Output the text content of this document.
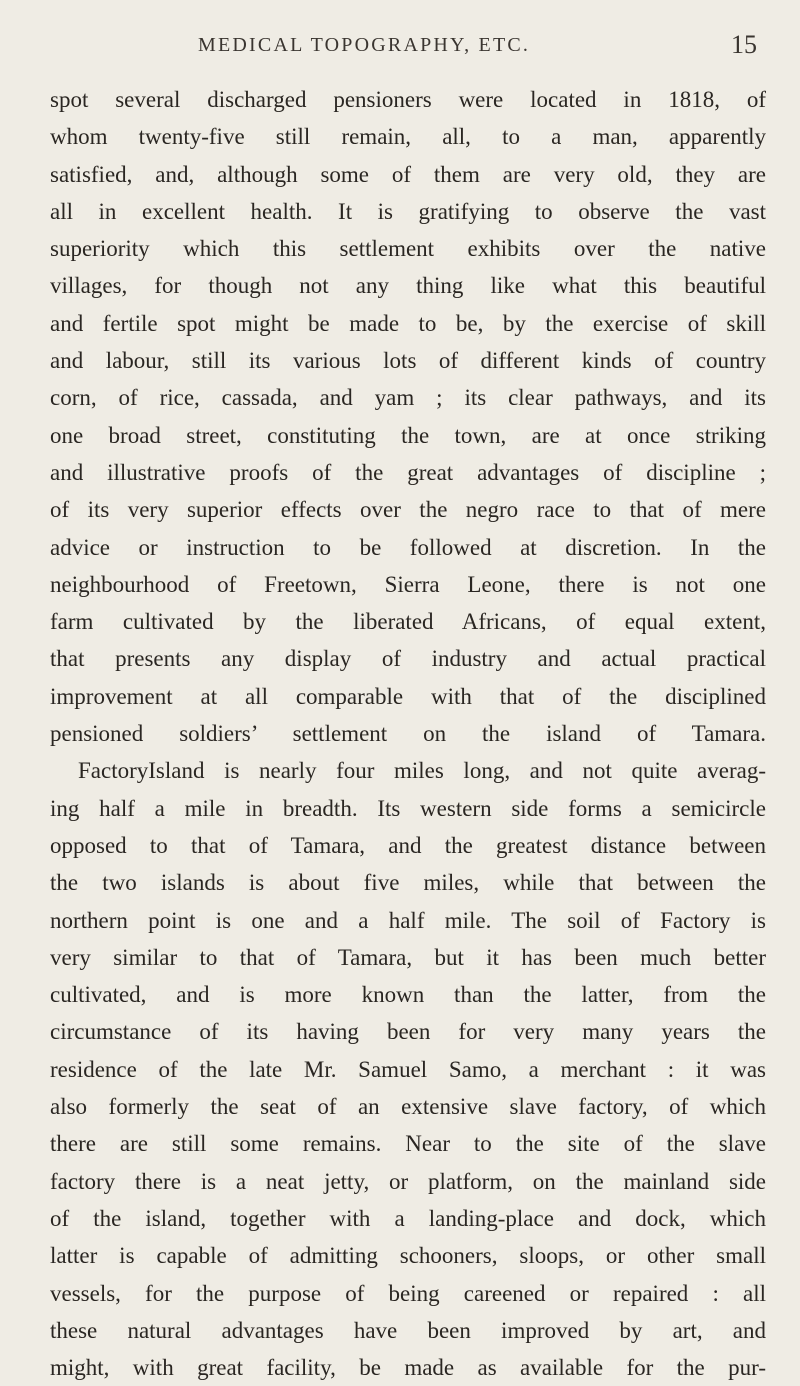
MEDICAL TOPOGRAPHY, ETC.	15
spot several discharged pensioners were located in 1818, of
whom twenty-five still remain, all, to a man, apparently
satisfied, and, although some of them are very old, they are
all in excellent health. It is gratifying to observe the vast
superiority which this settlement exhibits over the native
villages, for though not any thing like what this beautiful
and fertile spot might be made to be, by the exercise of skill
and labour, still its various lots of different kinds of country
corn, of rice, cassada, and yam ; its clear pathways, and its
one broad street, constituting the town, are at once striking
and illustrative proofs of the great advantages of discipline ;
of its very superior effects over the negro race to that of mere
advice or instruction to be followed at discretion. In the
neighbourhood of Freetown, Sierra Leone, there is not one
farm cultivated by the liberated Africans, of equal extent,
that presents any display of industry and actual practical
improvement at all comparable with that of the disciplined
pensioned soldiers’ settlement on the island of Tamara.
FactoryIsland is nearly four miles long, and not quite averag-
ing half a mile in breadth. Its western side forms a semicircle
opposed to that of Tamara, and the greatest distance between
the two islands is about five miles, while that between the
northern point is one and a half mile. The soil of Factory is
very similar to that of Tamara, but it has been much better
cultivated, and is more known than the latter, from the
circumstance of its having been for very many years the
residence of the late Mr. Samuel Samo, a merchant : it was
also formerly the seat of an extensive slave factory, of which
there are still some remains. Near to the site of the slave
factory there is a neat jetty, or platform, on the mainland side
of the island, together with a landing-place and dock, which
latter is capable of admitting schooners, sloops, or other small
vessels, for the purpose of being careened or repaired : all
these natural advantages have been improved by art, and
might, with great facility, be made as available for the pur-
